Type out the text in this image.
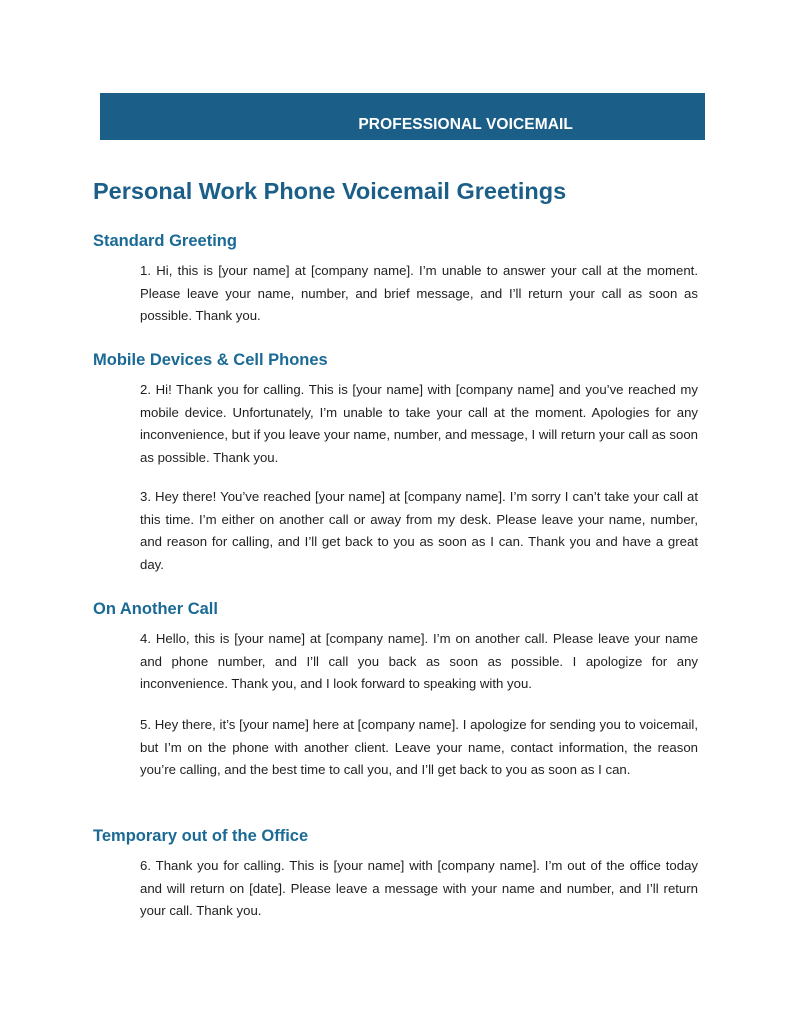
PROFESSIONAL VOICEMAIL
Personal Work Phone Voicemail Greetings
Standard Greeting

1. Hi, this is [your name] at [company name]. I’m unable to answer your call at the moment. Please leave your name, number, and brief message, and I’ll return your call as soon as possible. Thank you.

Mobile Devices & Cell Phones

2. Hi! Thank you for calling. This is [your name] with [company name] and you’ve reached my mobile device. Unfortunately, I’m unable to take your call at the moment. Apologies for any inconvenience, but if you leave your name, number, and message, I will return your call as soon as possible. Thank you.

3. Hey there! You’ve reached [your name] at [company name]. I’m sorry I can’t take your call at this time. I’m either on another call or away from my desk. Please leave your name, number, and reason for calling, and I’ll get back to you as soon as I can. Thank you and have a great day.

On Another Call

4. Hello, this is [your name] at [company name]. I’m on another call. Please leave your name and phone number, and I’ll call you back as soon as possible. I apologize for any inconvenience. Thank you, and I look forward to speaking with you.

5. Hey there, it’s [your name] here at [company name]. I apologize for sending you to voicemail, but I’m on the phone with another client. Leave your name, contact information, the reason you’re calling, and the best time to call you, and I’ll get back to you as soon as I can.

Temporary out of the Office

6. Thank you for calling. This is [your name] with [company name]. I’m out of the office today and will return on [date]. Please leave a message with your name and number, and I’ll return your call. Thank you.
